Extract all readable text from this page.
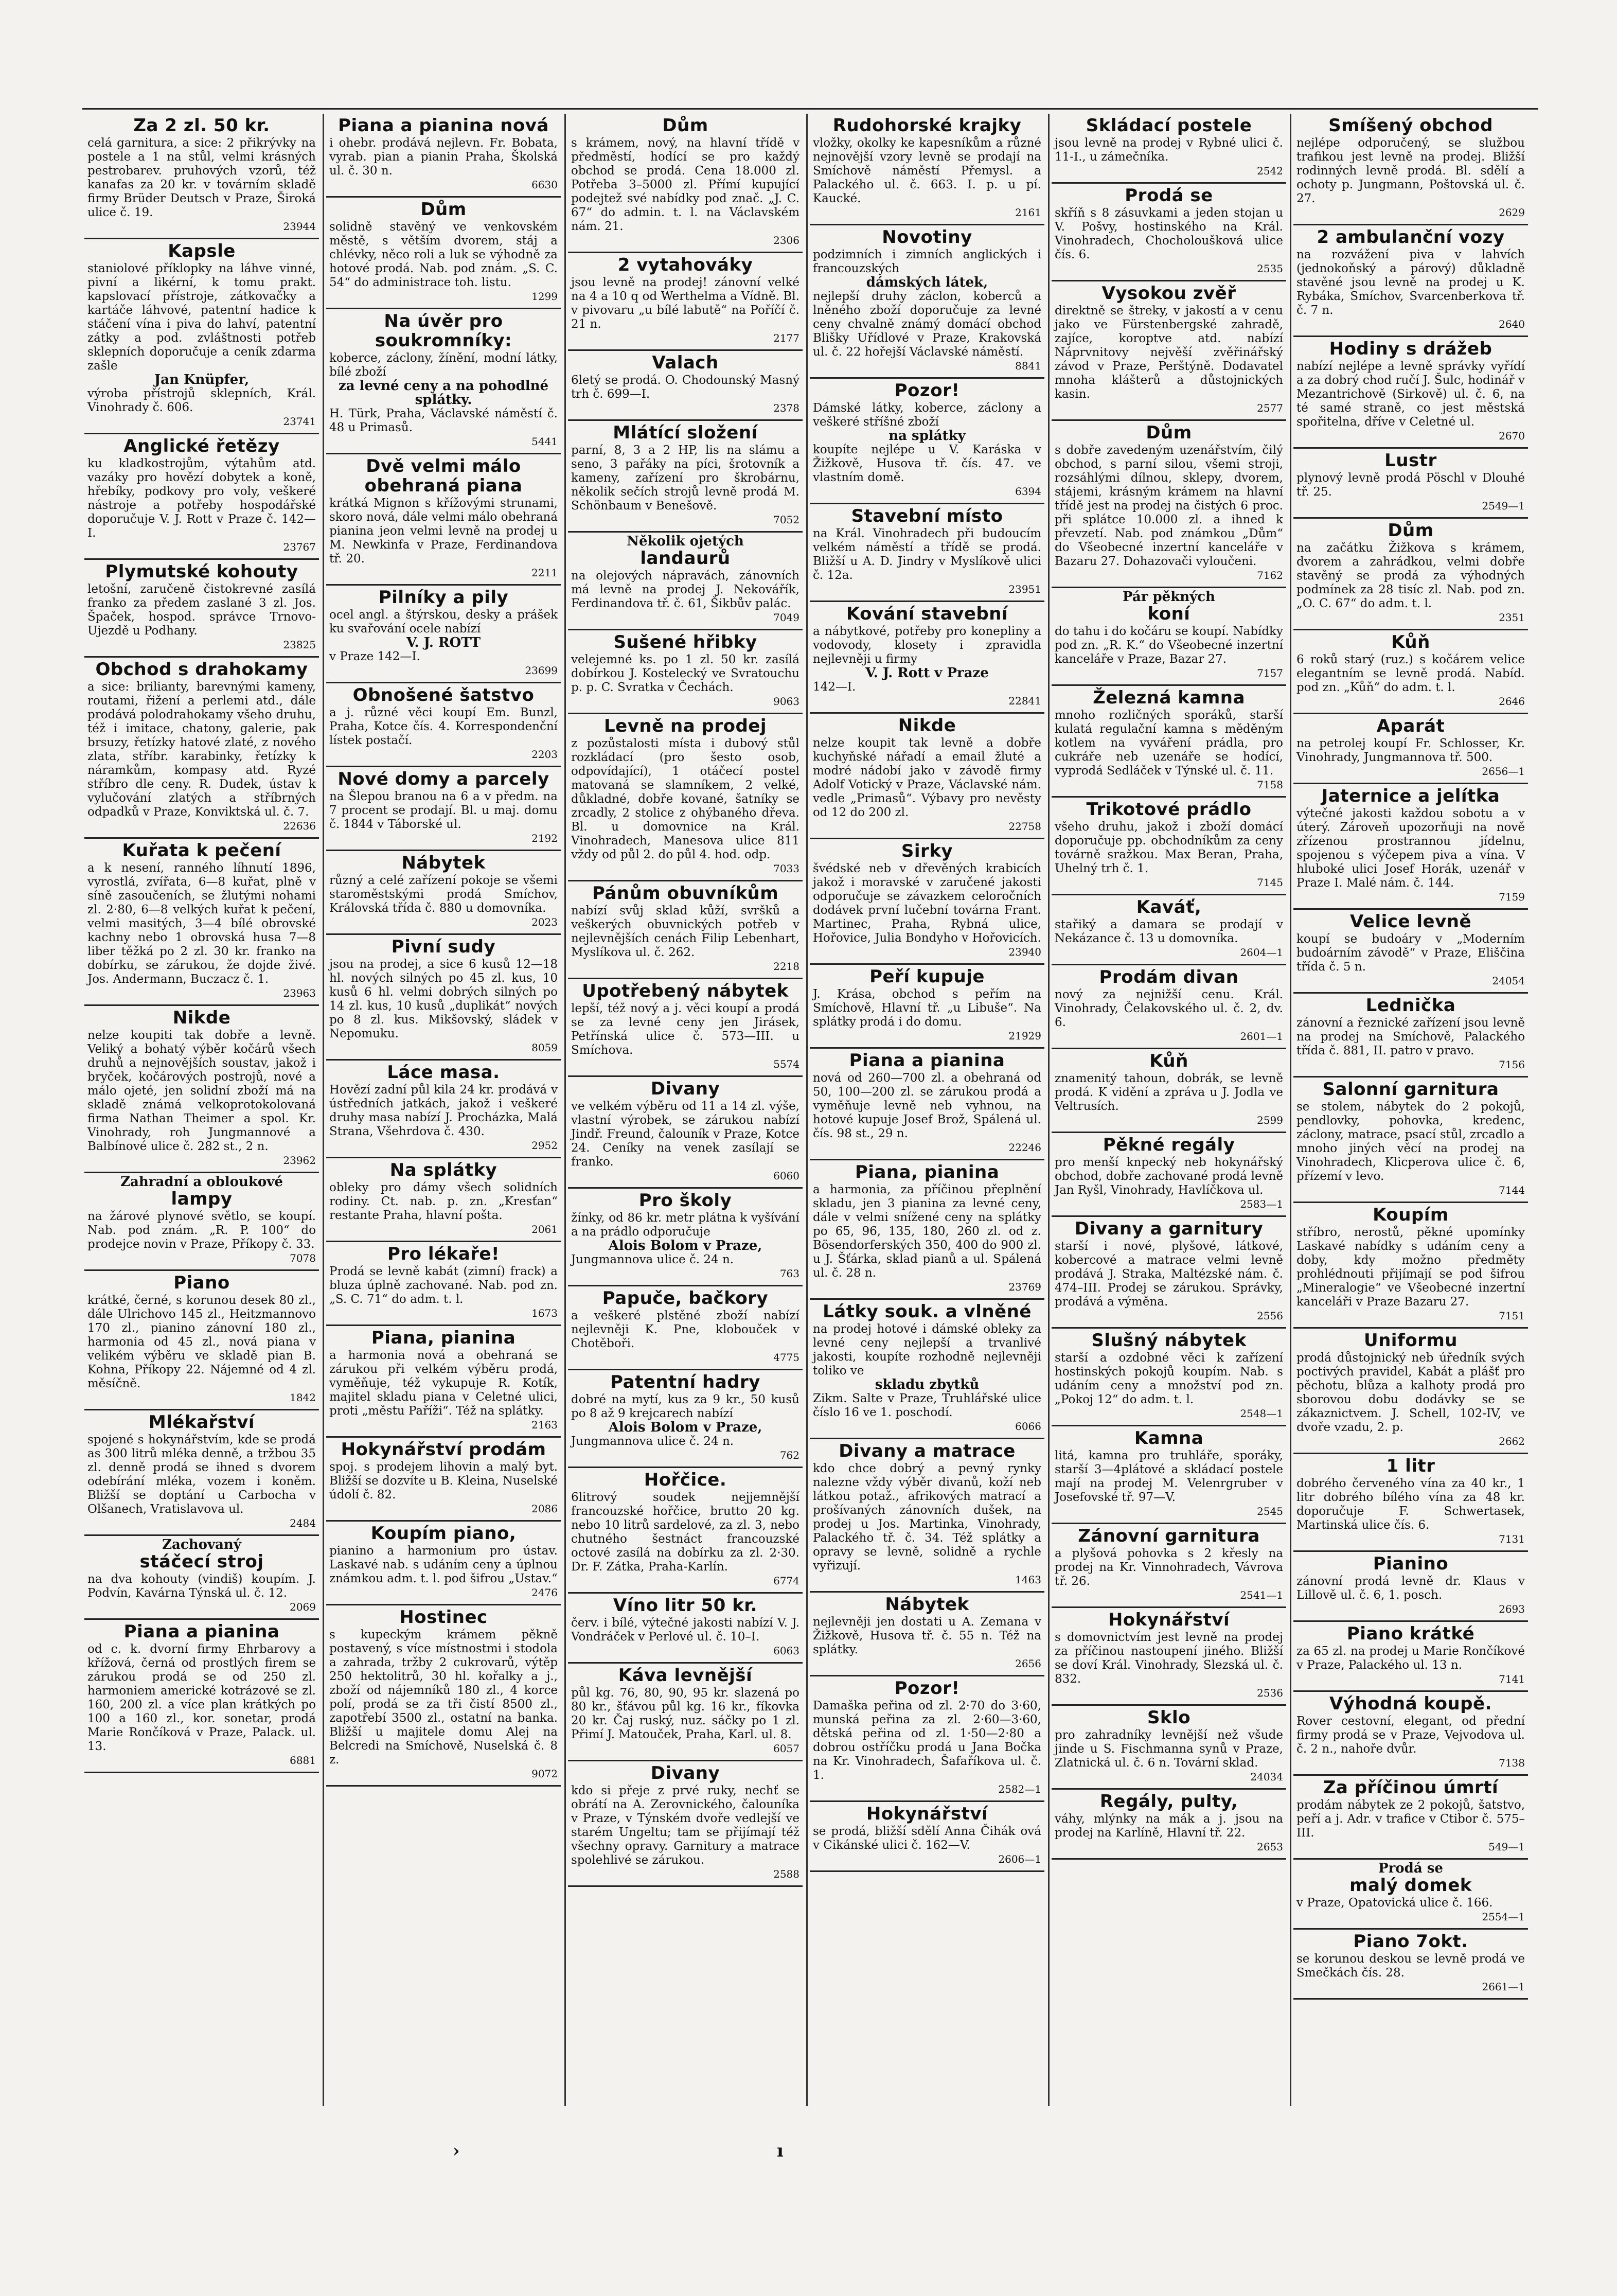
Za 2 zl. 50 kr.

celá garnitura, a sice: 2 přikrývky na postele a 1 na stůl, velmi krásných pestrobarev. pruhových vzorů, též kanafas za 20 kr. v továrním skladě firmy Brüder Deutsch v Praze, Široká ulice č. 19.

23944

Kapsle

staniolové příklopky na láhve vinné, pivní a likérní, k tomu prakt. kapslovací přístroje, zátkovačky a kartáče láhvové, patentní hadice k stáčení vína i piva do lahví, patentní zátky a pod. zvláštnosti potřeb sklepních doporučuje a ceník zdarma zašle

Jan Knüpfer,

výroba přístrojů sklepních, Král. Vinohrady č. 606.

23741

Anglické řetězy

ku kladkostrojům, výtahům atd. vazáky pro hovězí dobytek a koně, hřebíky, podkovy pro voly, veškeré nástroje a potřeby hospodářské doporučuje V. J. Rott v Praze č. 142—I.

23767

Plymutské kohouty

letošní, zaručeně čistokrevné zasílá franko za předem zaslané 3 zl. Jos. Špaček, hospod. správce Trnovo-Ujezdě u Podhany.

23825

Obchod s drahokamy

a sice: brilianty, barevnými kameny, routami, řižení a perlemi atd., dále prodává polodrahokamy všeho druhu, též i imitace, chatony, galerie, pak brsuzy, řetízky hatové zlaté, z nového zlata, stříbr. karabinky, řetízky k náramkům, kompasy atd. Ryzé stříbro dle ceny. R. Dudek, ústav k vylučování zlatých a stříbrných odpadků v Praze, Konviktská ul. č. 7.

22636

Kuřata k pečení

a k nesení, ranného líhnutí 1896, vyrostlá, zvířata, 6—8 kuřat, plně v síně zasoučeních, se žlutými nohami zl. 2·80, 6—8 velkých kuřat k pečení, velmi masitých, 3—4 bílé obrovské kachny nebo 1 obrovská husa 7—8 liber těžká po 2 zl. 30 kr. franko na dobírku, se zárukou, že dojde živé. Jos. Andermann, Buczacz č. 1.

23963

Nikde

nelze koupiti tak dobře a levně. Veliký a bohatý výběr kočárů všech druhů a nejnovějších soustav, jakož i bryček, kočárových postrojů, nové a málo ojeté, jen solidní zboží má na skladě známá velkoprotokolovaná firma Nathan Theimer a spol. Kr. Vinohrady, roh Jungmannové a Balbínové ulice č. 282 st., 2 n.

23962

Zahradní a obloukové

lampy

na žárové plynové světlo, se koupí. Nab. pod znám. „R. P. 100“ do prodejce novin v Praze, Příkopy č. 33.

7078

Piano

krátké, černé, s korunou desek 80 zl., dále Ulrichovo 145 zl., Heitzmannovo 170 zl., pianino zánovní 180 zl., harmonia od 45 zl., nová piana v velikém výběru ve skladě pian B. Kohna, Příkopy 22. Nájemné od 4 zl. měsíčně.

1842

Mlékařství

spojené s hokynářstvím, kde se prodá as 300 litrů mléka denně, a tržbou 35 zl. denně prodá se ihned s dvorem odebírání mléka, vozem i koněm. Bližší se doptání u Carbocha v Olšanech, Vratislavova ul.

2484

Zachovaný

stáčecí stroj

na dva kohouty (vindiš) koupím. J. Podvín, Kavárna Týnská ul. č. 12.

2069

Piana a pianina

od c. k. dvorní firmy Ehrbarovy a křížová, černá od prostlých firem se zárukou prodá se od 250 zl. harmoniem americké kotrázové se zl. 160, 200 zl. a více plan krátkých po 100 a 160 zl., kor. sonetar, prodá Marie Rončíková v Praze, Palack. ul. 13.

6881

Piana a pianina nová

i ohebr. prodává nejlevn. Fr. Bobata, vyrab. pian a pianin Praha, Školská ul. č. 30 n.

6630

Dům

solidně stavěný ve venkovském městě, s větším dvorem, stáj a chlévky, něco roli a luk se výhodně za hotové prodá. Nab. pod znám. „S. C. 54“ do administrace toh. listu.

1299

Na úvěr pro soukromníky:

koberce, záclony, žínění, modní látky, bílé zboží

za levné ceny a na pohodlné splátky.

H. Türk, Praha, Václavské náměstí č. 48 u Primasů.

5441

Dvě velmi málo obehraná piana

krátká Mignon s křížovými strunami, skoro nová, dále velmi málo obehraná pianina jeon velmi levně na prodej u M. Newkinfa v Praze, Ferdinandova tř. 20.

2211

Pilníky a pily

ocel angl. a štýrskou, desky a prášek ku svařování ocele nabízí

V. J. ROTT

v Praze 142—I.

23699

Obnošené šatstvo

a j. různé věci koupí Em. Bunzl, Praha, Kotce čís. 4. Korrespondenční lístek postačí.

2203

Nové domy a parcely

na Šlepou branou na 6 a v předm. na 7 procent se prodají. Bl. u maj. domu č. 1844 v Táborské ul.

2192

Nábytek

různý a celé zařízení pokoje se všemi staroměstskými prodá Smíchov, Královská třída č. 880 u domovníka.

2023

Pivní sudy

jsou na prodej, a sice 6 kusů 12—18 hl. nových silných po 45 zl. kus, 10 kusů 6 hl. velmi dobrých silných po 14 zl. kus, 10 kusů „duplikát“ nových po 8 zl. kus. Mikšovský, sládek v Nepomuku.

8059

Láce masa.

Hovězí zadní půl kila 24 kr. prodává v ústředních jatkách, jakož i veškeré druhy masa nabízí J. Procházka, Malá Strana, Všehrdova č. 430.

2952

Na splátky

obleky pro dámy všech solidních rodiny. Ct. nab. p. zn. „Kresťan“ restante Praha, hlavní pošta.

2061

Pro lékaře!

Prodá se levně kabát (zimní) frack) a bluza úplně zachované. Nab. pod zn. „S. C. 71“ do adm. t. l.

1673

Piana, pianina

a harmonia nová a obehraná se zárukou při velkém výběru prodá, vyměňuje, též vykupuje R. Kotík, majitel skladu piana v Celetné ulici, proti „městu Paříži“. Též na splátky.

2163

Hokynářství prodám

spoj. s prodejem lihovin a malý byt. Bližší se dozvíte u B. Kleina, Nuselské údolí č. 82.

2086

Koupím piano,

pianino a harmonium pro ústav. Laskavé nab. s udáním ceny a úplnou známkou adm. t. l. pod šifrou „Ustav.“

2476

Hostinec

s kupeckým krámem pěkně postavený, s více místnostmi i stodola a zahrada, tržby 2 cukrovarů, výtěp 250 hektolitrů, 30 hl. kořalky a j., zboží od nájemníků 180 zl., 4 korce polí, prodá se za tři čistí 8500 zl., zapotřebí 3500 zl., ostatní na banka. Bližší u majitele domu Alej na Belcredi na Smíchově, Nuselská č. 8 z.

9072

Dům

s krámem, nový, na hlavní třídě v předměstí, hodící se pro každý obchod se prodá. Cena 18.000 zl. Potřeba 3–5000 zl. Přímí kupující podejtež své nabídky pod znač. „J. C. 67“ do admin. t. l. na Václavském nám. 21.

2306

2 vytahováky

jsou levně na prodej! zánovní velké na 4 a 10 q od Werthelma a Vídně. Bl. v pivovaru „u bílé labutě“ na Poříčí č. 21 n.

2177

Valach

6letý se prodá. O. Chodounský Masný trh č. 699—I.

2378

Mlátící složení

parní, 8, 3 a 2 HP, lis na slámu a seno, 3 pařáky na píci, šrotovník a kameny, zařízení pro škrobárnu, několik sečích strojů levně prodá M. Schönbaum v Benešově.

7052

Několik ojetých

landaurů

na olejových nápravách, zánovních má levně na prodej J. Nekovářík, Ferdinandova tř. č. 61, Šikbův palác.

7049

Sušené hřibky

velejemné ks. po 1 zl. 50 kr. zasílá dobírkou J. Kostelecký ve Svratouchu p. p. C. Svratka v Čechách.

9063

Levně na prodej

z pozůstalosti místa i dubový stůl rozkládací (pro šesto osob, odpovídající), 1 otáčecí postel matovaná se slamníkem, 2 velké, důkladné, dobře kované, šatníky se zrcadly, 2 stolice z ohýbaného dřeva. Bl. u domovnice na Král. Vinohradech, Manesova ulice 811 vždy od půl 2. do půl 4. hod. odp.

7033

Pánům obuvníkům

nabízí svůj sklad kůží, svršků a veškerých obuvnických potřeb v nejlevnějších cenách Filip Lebenhart, Myslíkova ul. č. 262.

2218

Upotřebený nábytek

lepší, též nový a j. věci koupí a prodá se za levné ceny jen Jirásek, Petřínská ulice č. 573—III. u Smíchova.

5574

Divany

ve velkém výběru od 11 a 14 zl. výše, vlastní výrobek, se zárukou nabízí Jindř. Freund, čalouník v Praze, Kotce 24. Ceníky na venek zasílají se franko.

6060

Pro školy

žínky, od 86 kr. metr plátna k vyšívání a na prádlo odporučuje

Alois Bolom v Praze,

Jungmannova ulice č. 24 n.

763

Papuče, bačkory

a veškeré plstěné zboží nabízí nejlevněji K. Pne, klobouček v Chotěboři.

4775

Patentní hadry

dobré na mytí, kus za 9 kr., 50 kusů po 8 až 9 krejcarech nabízí

Alois Bolom v Praze,

Jungmannova ulice č. 24 n.

762

Hořčice.

6litrový soudek nejjemnější francouzské hořčice, brutto 20 kg. nebo 10 litrů sardelové, za zl. 3, nebo chutného šestnáct francouzské octové zasílá na dobírku za zl. 2·30. Dr. F. Zátka, Praha-Karlín.

6774

Víno litr 50 kr.

červ. i bílé, výtečné jakosti nabízí V. J. Vondráček v Perlové ul. č. 10–I.

6063

Káva levnější

půl kg. 76, 80, 90, 95 kr. slazená po 80 kr., šťávou půl kg. 16 kr., fíkovka 20 kr. Čaj ruský, nuz. sáčky po 1 zl. Přimí J. Matouček, Praha, Karl. ul. 8.

6057

Divany

kdo si přeje z prvé ruky, nechť se obrátí na A. Zerovnického, čalouníka v Praze, v Týnském dvoře vedlejší ve starém Ungeltu; tam se přijímají též všechny opravy. Garnitury a matrace spolehlivé se zárukou.

2588

Rudohorské krajky

vložky, okolky ke kapesníkům a různé nejnovější vzory levně se prodají na Smíchově náměstí Přemysl. a Palackého ul. č. 663. I. p. u pí. Kaucké.

2161

Novotiny

podzimních i zimních anglických i francouzských

dámských látek,

nejlepší druhy záclon, koberců a lněného zboží doporučuje za levné ceny chvalně známý domácí obchod Blišky Uřídlové v Praze, Krakovská ul. č. 22 hořejší Václavské náměstí.

8841

Pozor!

Dámské látky, koberce, záclony a veškeré stříšné zboží

na splátky

koupíte nejlépe u V. Karáska v Žižkově, Husova tř. čís. 47. ve vlastním domě.

6394

Stavební místo

na Král. Vinohradech při budoucím velkém náměstí a třídě se prodá. Bližší u A. D. Jindry v Myslíkově ulici č. 12a.

23951

Kování stavební

a nábytkové, potřeby pro konepliny a vodovody, klosety i zpravidla nejlevněji u firmy

V. J. Rott v Praze

142—I.

22841

Nikde

nelze koupit tak levně a dobře kuchyňské nářadí a email žluté a modré nádobí jako v závodě firmy Adolf Votický v Praze, Václavské nám. vedle „Primasů“. Výbavy pro nevěsty od 12 do 200 zl.

22758

Sirky

švédské neb v dřevěných krabicích jakož i moravské v zaručené jakosti odporučuje se závazkem celoročních dodávek první lučební továrna Frant. Martinec, Praha, Rybná ulice, Hořovice, Julia Bondyho v Hořovicích.

23940

Peří kupuje

J. Krása, obchod s peřím na Smíchově, Hlavní tř. „u Libuše“. Na splátky prodá i do domu.

21929

Piana a pianina

nová od 260—700 zl. a obehraná od 50, 100—200 zl. se zárukou prodá a vyměňuje levně neb vyhnou, na hotové kupuje Josef Brož, Spálená ul. čís. 98 st., 29 n.

22246

Piana, pianina

a harmonia, za příčinou přeplnění skladu, jen 3 pianina za levné ceny, dále v velmi snížené ceny na splátky po 65, 96, 135, 180, 260 zl. od z. Bösendorferských 350, 400 do 900 zl. u J. Šťárka, sklad pianů a ul. Spálená ul. č. 28 n.

23769

Látky souk. a vlněné

na prodej hotové i dámské obleky za levné ceny nejlepší a trvanlivé jakosti, koupíte rozhodně nejlevněji toliko ve

skladu zbytků

Zikm. Salte v Praze, Truhlářské ulice číslo 16 ve 1. poschodí.

6066

Divany a matrace

kdo chce dobrý a pevný rynky nalezne vždy výběr divanů, koží neb látkou potaž., afrikových matrací a prošívaných zánovních dušek, na prodej u Jos. Martinka, Vinohrady, Palackého tř. č. 34. Též splátky a opravy se levně, solidně a rychle vyřizují.

1463

Nábytek

nejlevněji jen dostati u A. Zemana v Žižkově, Husova tř. č. 55 n. Též na splátky.

2656

Pozor!

Damaška peřina od zl. 2·70 do 3·60, munská peřina za zl. 2·60—3·60, dětská peřina od zl. 1·50—2·80 a dobrou ostříčku prodá u Jana Bočka na Kr. Vinohradech, Šafaříkova ul. č. 1.

2582—1

Hokynářství

se prodá, bližší sdělí Anna Čihák ová v Cikánské ulici č. 162—V.

2606—1

Skládací postele

jsou levně na prodej v Rybné ulici č. 11-I., u zámečníka.

2542

Prodá se

skříň s 8 zásuvkami a jeden stojan u V. Pošvy, hostinského na Král. Vinohradech, Chocholoušková ulice čís. 6.

2535

Vysokou zvěř

direktně se štreky, v jakostí a v cenu jako ve Fürstenbergské zahradě, zajíce, koroptve atd. nabízí Náprvnitovy nejvěší zvěřinářský závod v Praze, Perštýně. Dodavatel mnoha klášterů a důstojnických kasin.

2577

Dům

s dobře zavedeným uzenářstvím, čilý obchod, s parní silou, všemi stroji, rozsáhlými dílnou, sklepy, dvorem, stájemi, krásným krámem na hlavní třídě jest na prodej na čistých 6 proc. při splátce 10.000 zl. a ihned k převzetí. Nab. pod známkou „Dům“ do Všeobecné inzertní kanceláře v Bazaru 27. Dohazovači vyloučeni.

7162

Pár pěkných

koní

do tahu i do kočáru se koupí. Nabídky pod zn. „R. K.“ do Všeobecné inzertní kanceláře v Praze, Bazar 27.

7157

Železná kamna

mnoho rozličných sporáků, starší kulatá regulační kamna s měděným kotlem na vyváření prádla, pro cukráře neb uzenáře se hodící, vyprodá Sedláček v Týnské ul. č. 11.

7158

Trikotové prádlo

všeho druhu, jakož i zboží domácí doporučuje pp. obchodníkům za ceny továrně sražkou. Max Beran, Praha, Uhelný trh č. 1.

7145

Kaváť,

stařiký a damara se prodají v Nekázance č. 13 u domovníka.

2604—1

Prodám divan

nový za nejnižší cenu. Král. Vinohrady, Čelakovského ul. č. 2, dv. 6.

2601—1

Kůň

znamenitý tahoun, dobrák, se levně prodá. K vidění a zpráva u J. Jodla ve Veltrusích.

2599

Pěkné regály

pro menší knpecký neb hokynářský obchod, dobře zachované prodá levně Jan Ryšl, Vinohrady, Havlíčkova ul.

2583—1

Divany a garnitury

starší i nové, plyšové, látkové, kobercové a matrace velmi levně prodává J. Straka, Maltézské nám. č. 474–III. Prodej se zárukou. Správky, prodává a výměna.

2556

Slušný nábytek

starší a ozdobné věci k zařízení hostinských pokojů koupím. Nab. s udáním ceny a množství pod zn. „Pokoj 12“ do adm. t. l.

2548—1

Kamna

litá, kamna pro truhláře, sporáky, starší 3—4plátové a skládací postele mají na prodej M. Velenrgruber v Josefovské tř. 97—V.

2545

Zánovní garnitura

a plyšová pohovka s 2 křesly na prodej na Kr. Vinnohradech, Vávrova tř. 26.

2541—1

Hokynářství

s domovnictvím jest levně na prodej za příčinou nastoupení jiného. Bližší se doví Král. Vinohrady, Slezská ul. č. 832.

2536

Sklo

pro zahradníky levnější než všude jinde u S. Fischmanna synů v Praze, Zlatnická ul. č. 6 n. Tovární sklad.

24034

Regály, pulty,

váhy, mlýnky na mák a j. jsou na prodej na Karlíně, Hlavní tř. 22.

2653

Smíšený obchod

nejlépe odporučený, se službou trafikou jest levně na prodej. Bližší rodinných levně prodá. Bl. sdělí a ochoty p. Jungmann, Poštovská ul. č. 27.

2629

2 ambulanční vozy

na rozvážení piva v lahvích (jednokoňský a párový) důkladně stavěné jsou levně na prodej u K. Rybáka, Smíchov, Svarcenberkova tř. č. 7 n.

2640

Hodiny s drážeb

nabízí nejlépe a levně správky vyřídí a za dobrý chod ručí J. Šulc, hodinář v Mezantrichově (Sirkově) ul. č. 6, na té samé straně, co jest městská spořitelna, dříve v Celetné ul.

2670

Lustr

plynový levně prodá Pöschl v Dlouhé tř. 25.

2549—1

Dům

na začátku Žižkova s krámem, dvorem a zahrádkou, velmi dobře stavěný se prodá za výhodných podmínek za 28 tisíc zl. Nab. pod zn. „O. C. 67“ do adm. t. l.

2351

Kůň

6 roků starý (ruz.) s kočárem velice elegantním se levně prodá. Nabíd. pod zn. „Kůň“ do adm. t. l.

2646

Aparát

na petrolej koupí Fr. Schlosser, Kr. Vinohrady, Jungmannova tř. 500.

2656—1

Jaternice a jelítka

výtečné jakosti každou sobotu a v úterý. Zároveň upozorňuji na nově zřízenou prostrannou jídelnu, spojenou s výčepem piva a vína. V hluboké ulici Josef Horák, uzenář v Praze I. Malé nám. č. 144.

7159

Velice levně

koupí se budoáry v „Moderním budoárním závodě“ v Praze, Eliščina třída č. 5 n.

24054

Lednička

zánovní a řeznické zařízení jsou levně na prodej na Smíchově, Palackého třída č. 881, II. patro v pravo.

7156

Salonní garnitura

se stolem, nábytek do 2 pokojů, pendlovky, pohovka, kredenc, záclony, matrace, psací stůl, zrcadlo a mnoho jiných věcí na prodej na Vinohradech, Klicperova ulice č. 6, přízemí v levo.

7144

Koupím

stříbro, nerostů, pěkné upomínky Laskavé nabídky s udáním ceny a doby, kdy možno předměty prohlédnouti přijímají se pod šifrou „Mineralogie“ ve Všeobecné inzertní kanceláři v Praze Bazaru 27.

7151

Uniformu

prodá důstojnický neb úředník svých poctivých pravidel, Kabát a plášť pro pěchotu, blůza a kalhoty prodá pro sborovou dobu dodávky se se zákaznictvem. J. Schell, 102-IV, ve dvoře vzadu, 2. p.

2662

1 litr

dobrého červeného vína za 40 kr., 1 litr dobrého bílého vína za 48 kr. doporučuje F. Schwertasek, Martinská ulice čís. 6.

7131

Pianino

zánovní prodá levně dr. Klaus v Lillově ul. č. 6, 1. posch.

2693

Piano krátké

za 65 zl. na prodej u Marie Rončíkové v Praze, Palackého ul. 13 n.

7141

Výhodná koupě.

Rover cestovní, elegant, od přední firmy prodá se v Praze, Vejvodova ul. č. 2 n., nahoře dvůr.

7138

Za příčinou úmrtí

prodám nábytek ze 2 pokojů, šatstvo, peří a j. Adr. v trafice v Ctibor č. 575–III.

549—1

Prodá se

malý domek

v Praze, Opatovická ulice č. 166.

2554—1

Piano 7okt.

se korunou deskou se levně prodá ve Smečkách čís. 28.

2661—1

›	ı
